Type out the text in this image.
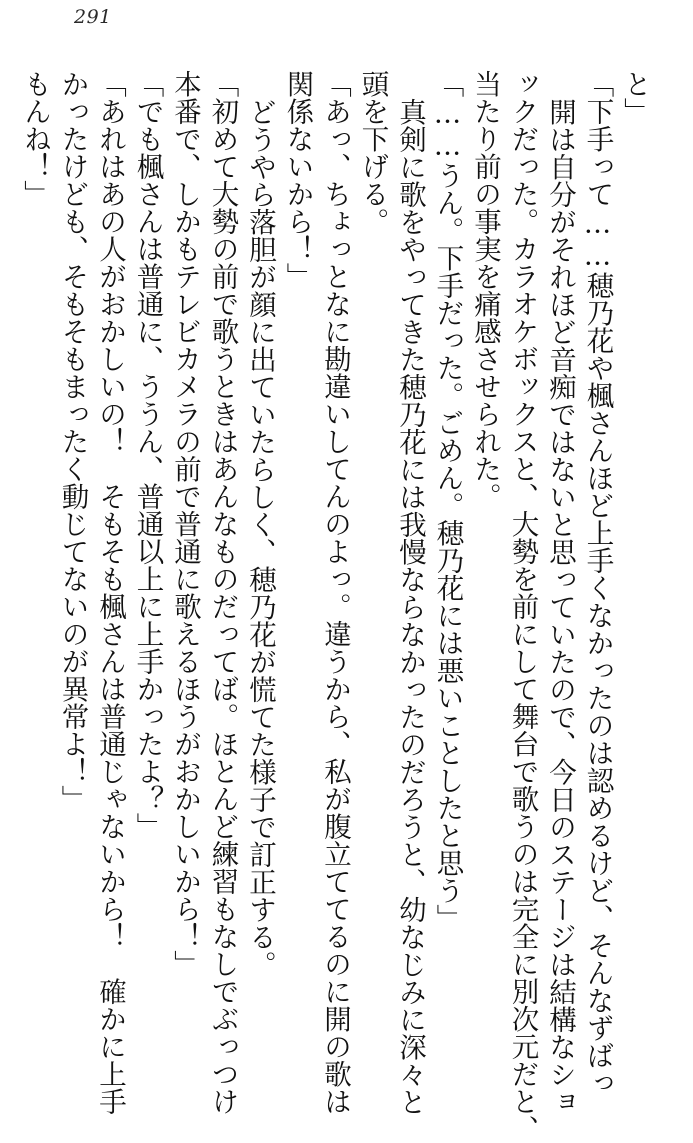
291
と」
「下手って……穂乃花や楓さんほど上手くなかったのは認めるけど、そんなずばっ
開は自分がそれほど音痴ではないと思っていたので、今日のステージは結構なショ
ックだった。カラオケボックスと、大勢を前にして舞台で歌うのは完全に別次元だと、
当たり前の事実を痛感させられた。
「……うん。下手だった。ごめん。穂乃花には悪いことしたと思う」
真剣に歌をやってきた穂乃花には我慢ならなかったのだろうと、幼なじみに深々と
頭を下げる。
「あっ、ちょっとなに勘違いしてんのよっ。違うから、私が腹立ててるのに開の歌は
関係ないから！」
どうやら落胆が顔に出ていたらしく、穂乃花が慌てた様子で訂正する。
「初めて大勢の前で歌うときはあんなものだってば。ほとんど練習もなしでぶっつけ
本番で、しかもテレビカメラの前で普通に歌えるほうがおかしいから！」
「でも楓さんは普通に、ううん、普通以上に上手かったよ？」
「あれはあの人がおかしいの！　そもそも楓さんは普通じゃないから！　確かに上手
かったけども、そもそもまったく動じてないのが異常よ！」
もんね！」
